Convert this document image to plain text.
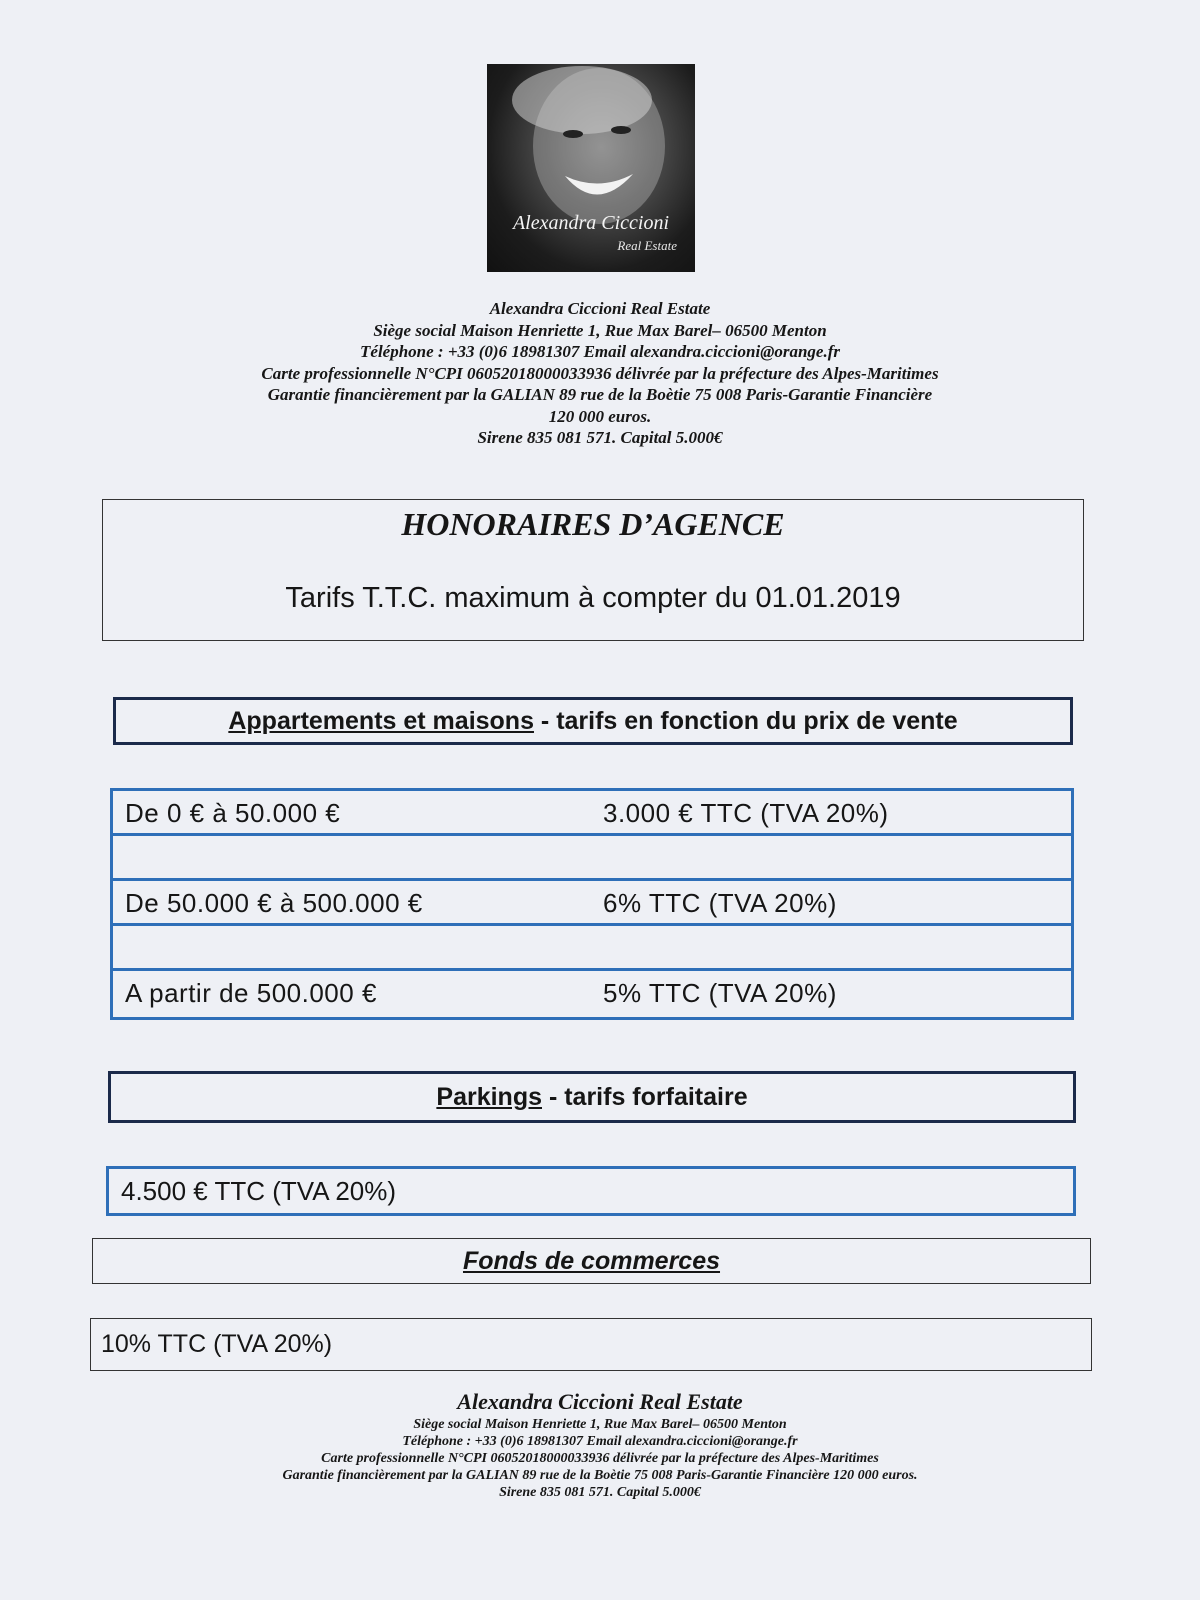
Alexandra Ciccioni
Real Estate
Alexandra Ciccioni Real Estate
Siège social Maison Henriette 1, Rue Max Barel– 06500 Menton
Téléphone : +33 (0)6 18981307 Email alexandra.ciccioni@orange.fr
Carte professionnelle N°CPI 06052018000033936 délivrée par la préfecture des Alpes-Maritimes
Garantie financièrement par la GALIAN 89 rue de la Boètie 75 008 Paris-Garantie Financière
120 000 euros.
Sirene 835 081 571. Capital 5.000€
HONORAIRES D’AGENCE
Tarifs T.T.C. maximum à compter du 01.01.2019
Appartements et maisons - tarifs en fonction du prix de vente
De 0 € à 50.000 €	3.000 € TTC (TVA 20%)
De 50.000 € à 500.000 €	6% TTC (TVA 20%)
A partir de 500.000 €	5% TTC (TVA 20%)
Parkings - tarifs forfaitaire
4.500 € TTC (TVA 20%)
Fonds de commerces
10% TTC (TVA 20%)
Alexandra Ciccioni Real Estate
Siège social Maison Henriette 1, Rue Max Barel– 06500 Menton
Téléphone : +33 (0)6 18981307 Email alexandra.ciccioni@orange.fr
Carte professionnelle N°CPI 06052018000033936 délivrée par la préfecture des Alpes-Maritimes
Garantie financièrement par la GALIAN 89 rue de la Boètie 75 008 Paris-Garantie Financière 120 000 euros.
Sirene 835 081 571. Capital 5.000€
